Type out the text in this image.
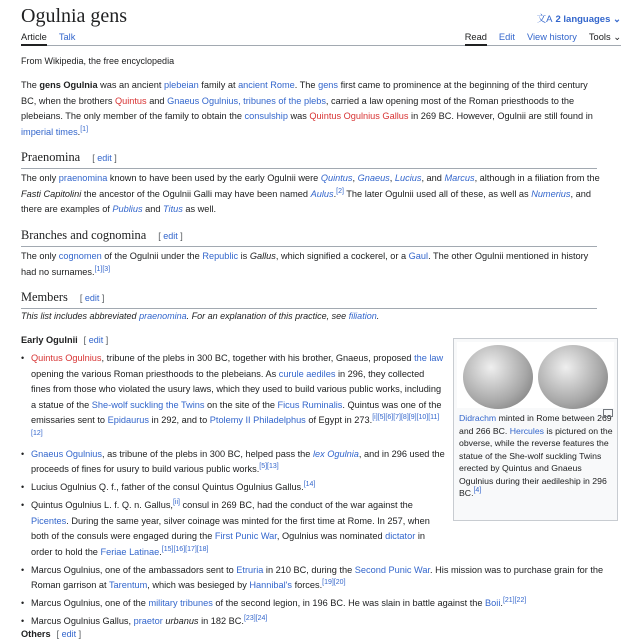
Ogulnia gens	文A 2 languages ⌄
Article Talk	Read Edit View history Tools ⌄
From Wikipedia, the free encyclopedia

The gens Ogulnia was an ancient plebeian family at ancient Rome. The gens first came to prominence at the beginning of the third century BC, when the brothers Quintus and Gnaeus Ogulnius, tribunes of the plebs, carried a law opening most of the Roman priesthoods to the plebeians. The only member of the family to obtain the consulship was Quintus Ogulnius Gallus in 269 BC. However, Ogulnii are still found in imperial times.[1]

Praenomina [ edit ]

The only praenomina known to have been used by the early Ogulnii were Quintus, Gnaeus, Lucius, and Marcus, although in a filiation from the Fasti Capitolini the ancestor of the Ogulnii Galli may have been named Aulus.[2] The later Ogulnii used all of these, as well as Numerius, and there are examples of Publius and Titus as well.

Branches and cognomina [ edit ]

The only cognomen of the Ogulnii under the Republic is Gallus, which signified a cockerel, or a Gaul. The other Ogulnii mentioned in history had no surnames.[1][3]

Members [ edit ]
This list includes abbreviated praenomina. For an explanation of this practice, see filiation.
Early Ogulnii [ edit ]
• Quintus Ogulnius, tribune of the plebs in 300 BC, together with his brother, Gnaeus, proposed the law opening the various Roman priesthoods to the plebeians. As curule aediles in 296, they collected fines from those who violated the usury laws, which they used to build various public works, including a statue of the She-wolf suckling the Twins on the site of the Ficus Ruminalis. Quintus was one of the emissaries sent to Epidaurus in 292, and to Ptolemy II Philadelphus of Egypt in 273.[i][5][6][7][8][9][10][11][12]
• Gnaeus Ogulnius, as tribune of the plebs in 300 BC, helped pass the lex Ogulnia, and in 296 used the proceeds of fines for usury to build various public works.[5][13]
• Lucius Ogulnius Q. f., father of the consul Quintus Ogulnius Gallus.[14]
• Quintus Ogulnius L. f. Q. n. Gallus,[ii] consul in 269 BC, had the conduct of the war against the Picentes. During the same year, silver coinage was minted for the first time at Rome. In 257, when both of the consuls were engaged during the First Punic War, Ogulnius was nominated dictator in order to hold the Feriae Latinae.[15][16][17][18]
• Marcus Ogulnius, one of the ambassadors sent to Etruria in 210 BC, during the Second Punic War. His mission was to purchase grain for the Roman garrison at Tarentum, which was besieged by Hannibal's forces.[19][20]
• Marcus Ogulnius, one of the military tribunes of the second legion, in 196 BC. He was slain in battle against the Boii.[21][22]
• Marcus Ogulnius Gallus, praetor urbanus in 182 BC.[23][24]
Didrachm minted in Rome between 269 and 266 BC. Hercules is pictured on the obverse, while the reverse features the statue of the She-wolf suckling Twins erected by Quintus and Gnaeus Ogulnius during their aedileship in 296 BC.[4]
Others [ edit ]
